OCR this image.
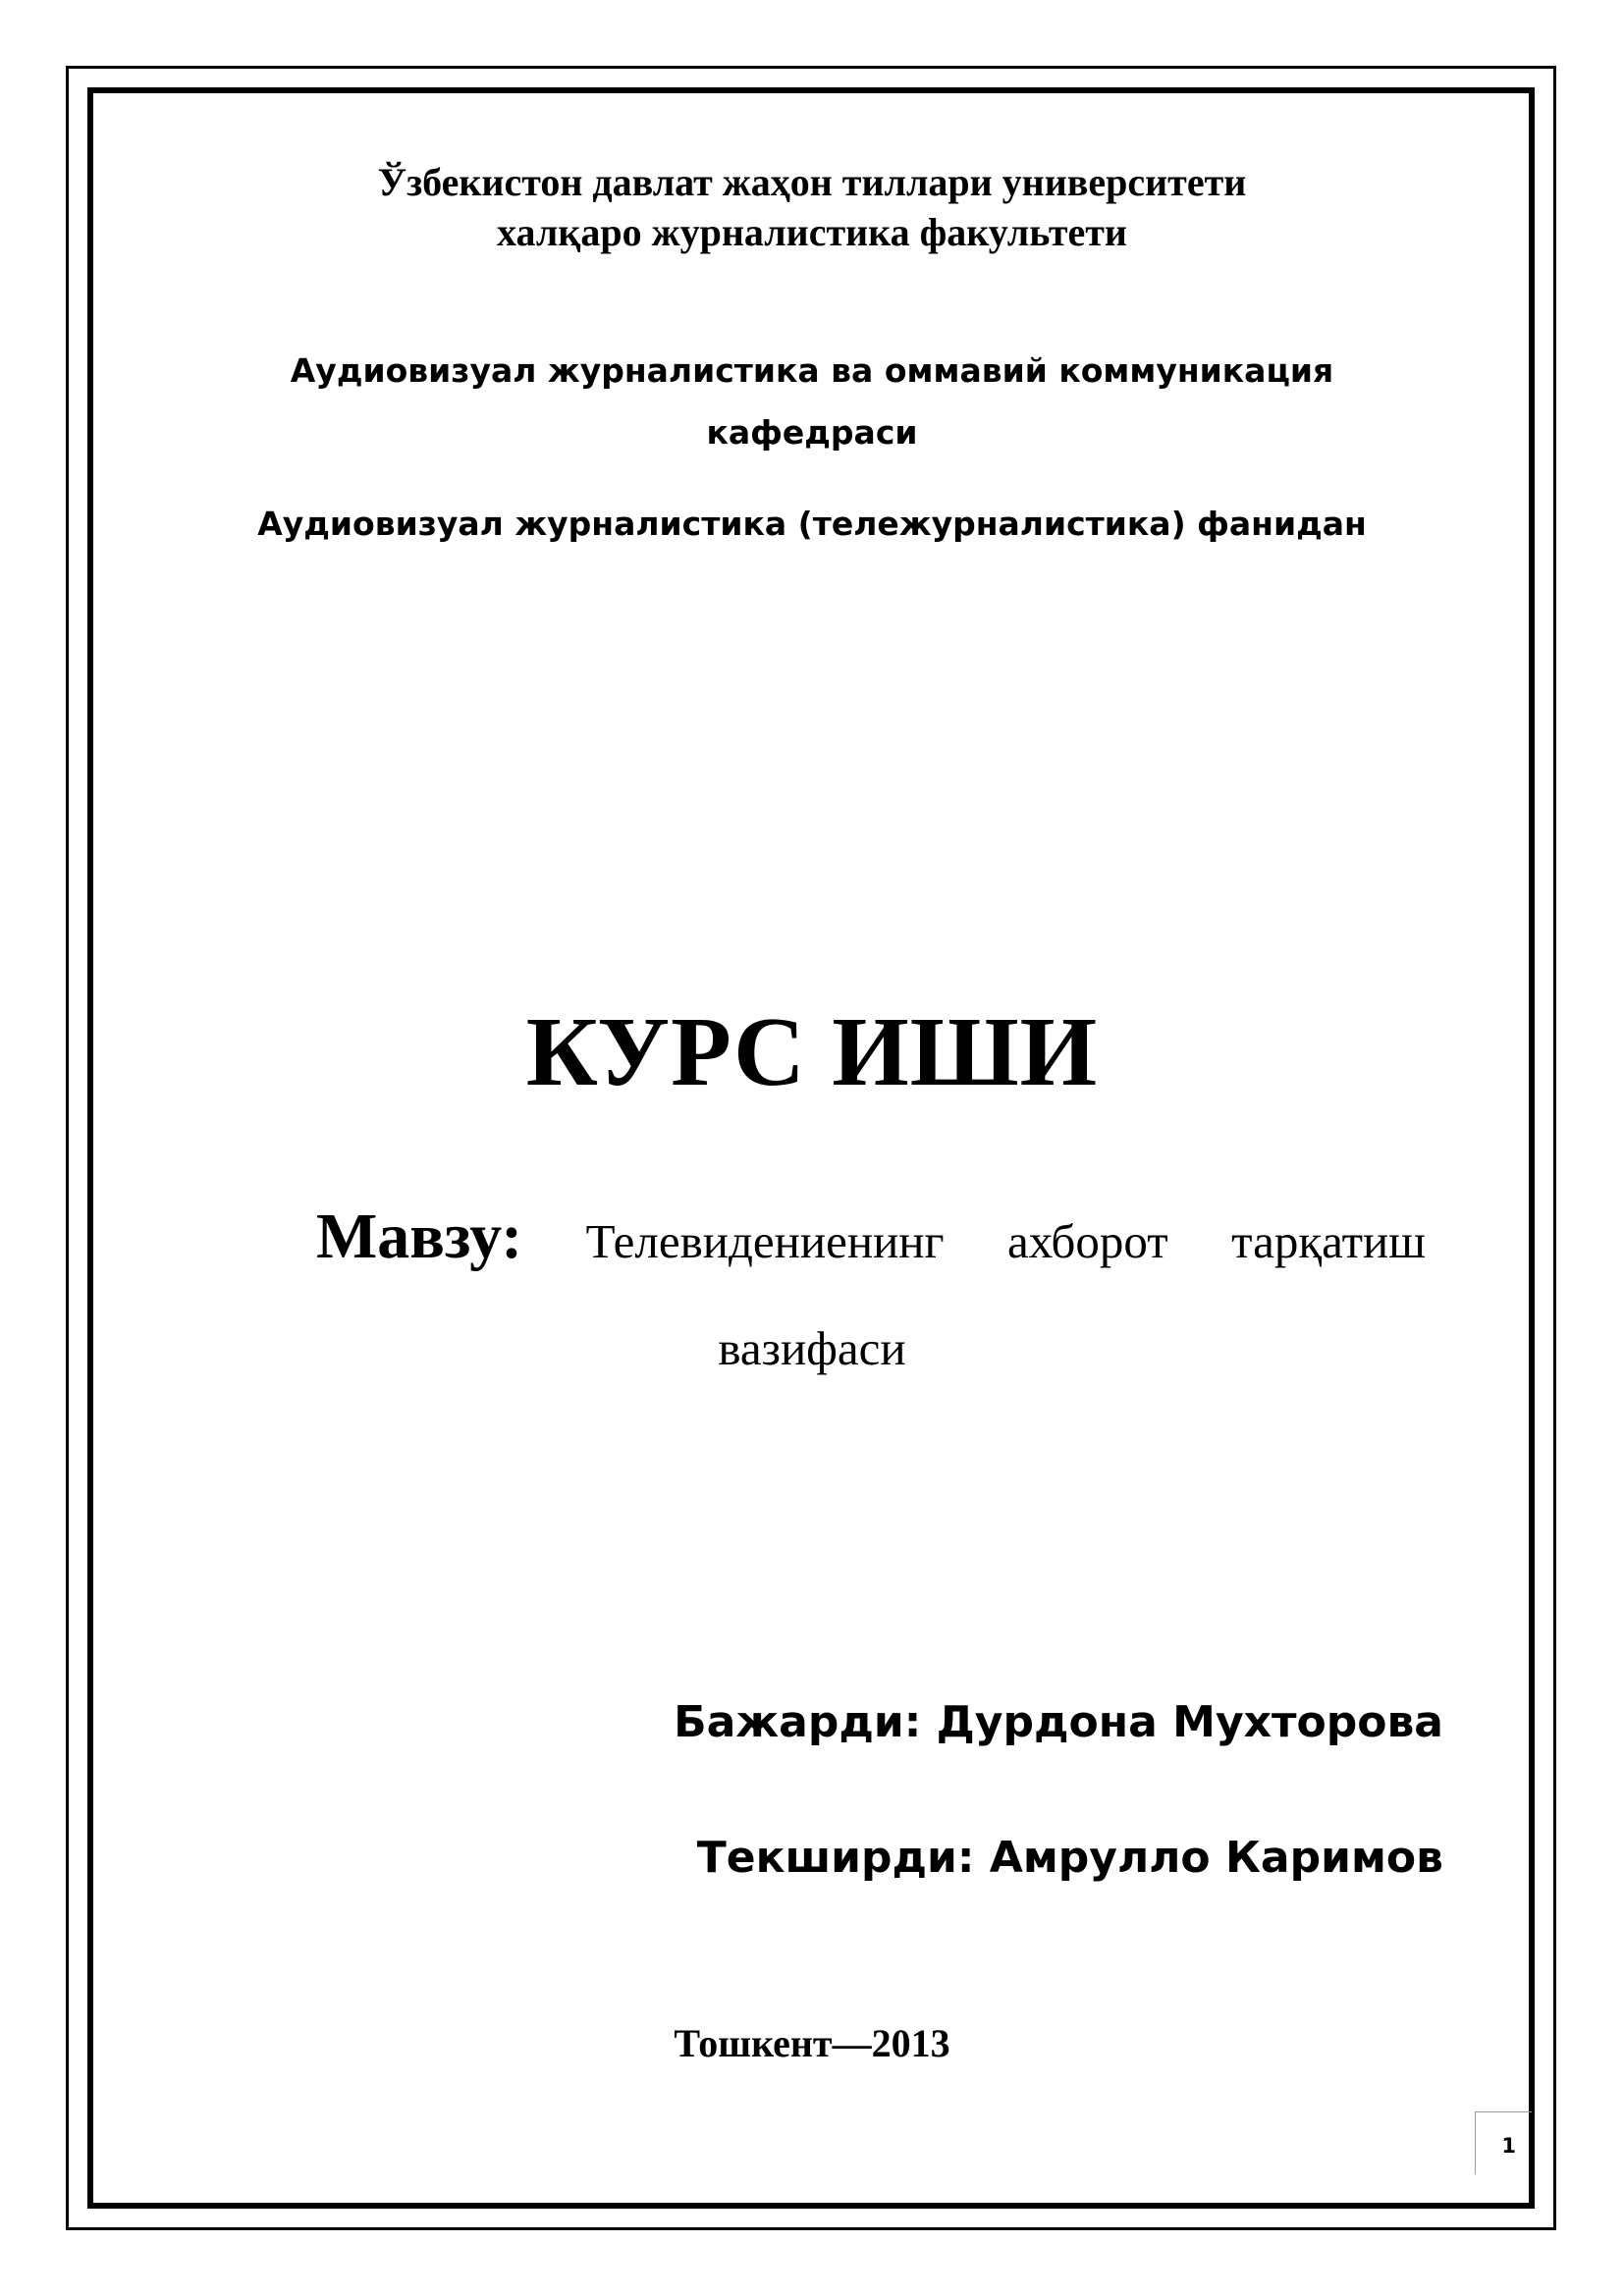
Ўзбекистон давлат жаҳон тиллари университети

халқаро журналистика факультети

Аудиовизуал журналистика ва оммавий коммуникация

кафедраси

Аудиовизуал журналистика (тележурналистика) фанидан

КУРС ИШИ

Мавзу: Телевидениенинг ахборот тарқатиш

вазифаси

Бажарди: Дурдона Мухторова
Текширди: Амрулло Каримов

Тошкент—2013

1
